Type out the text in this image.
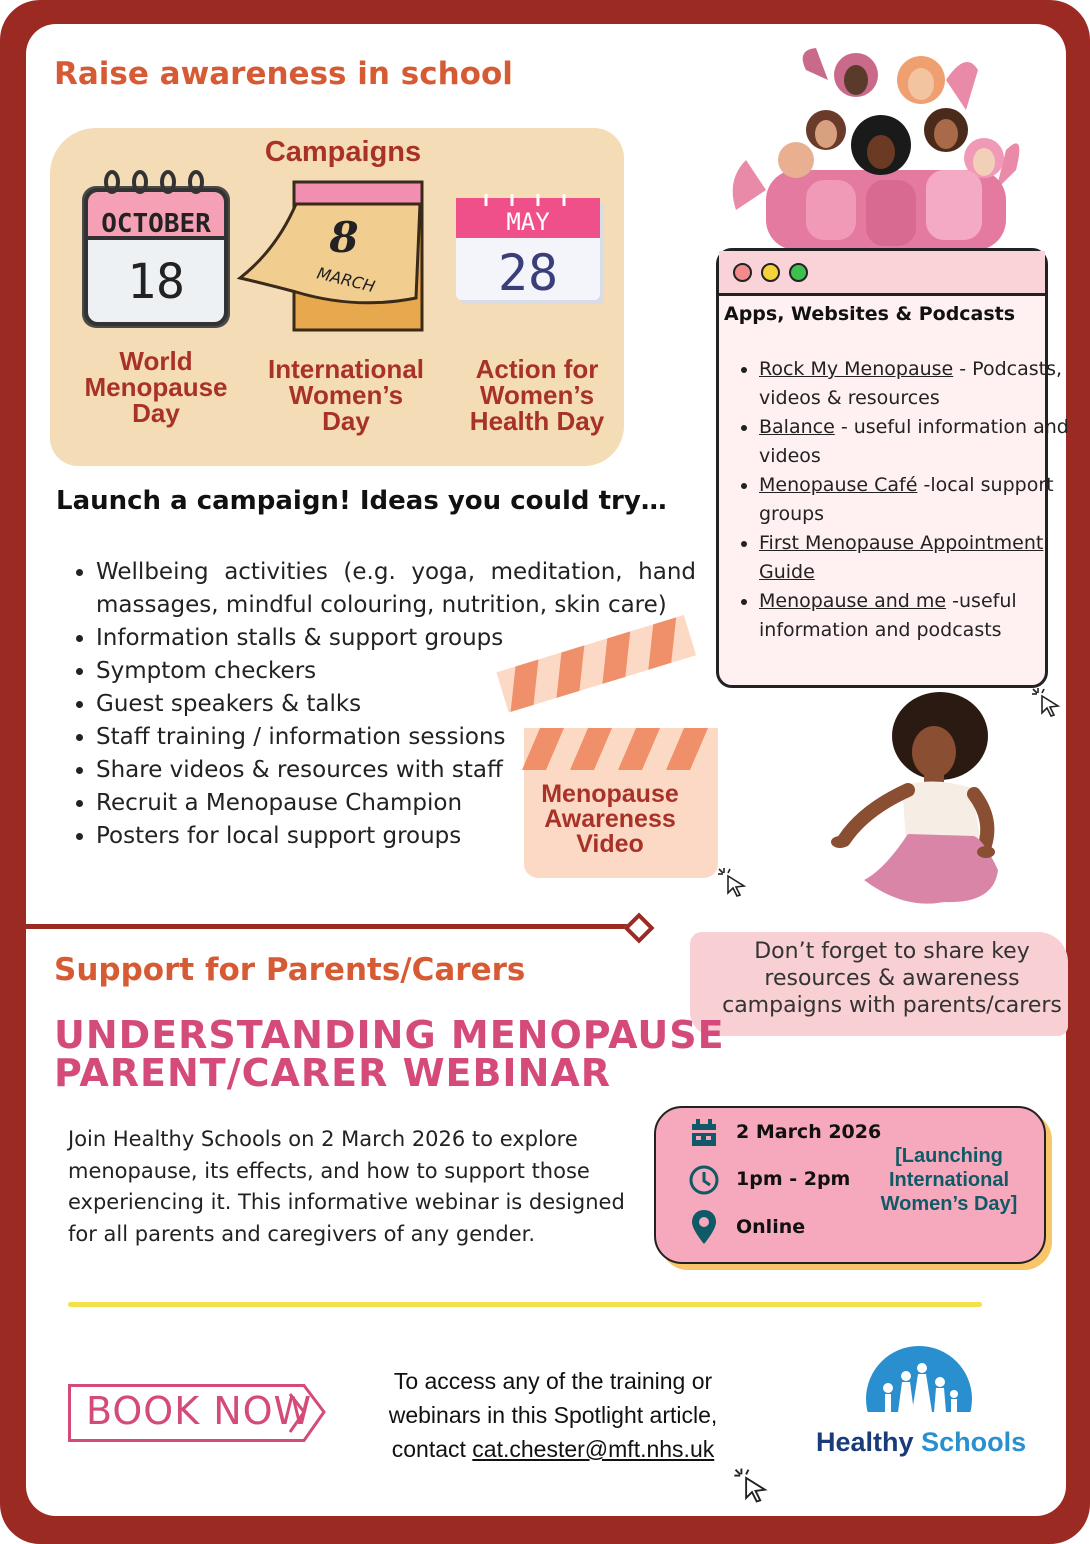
Raise awareness in school
Campaigns
OCTOBER
18
World
Menopause
Day
8
MARCH
International
Women’s
Day
MAY
28
Action for
Women’s
Health Day
Launch a campaign! Ideas you could try…
• Wellbeing activities (e.g. yoga, meditation, hand massages, mindful colouring, nutrition, skin care)
• Information stalls & support groups
• Symptom checkers
• Guest speakers & talks
• Staff training / information sessions
• Share videos & resources with staff
• Recruit a Menopause Champion
• Posters for local support groups
Apps, Websites & Podcasts
• Rock My Menopause - Podcasts, videos & resources
• Balance - useful information and videos
• Menopause Café -local support groups
• First Menopause Appointment Guide
• Menopause and me -useful information and podcasts
Menopause
Awareness
Video
Don’t forget to share key resources & awareness campaigns with parents/carers
Support for Parents/Carers
UNDERSTANDING MENOPAUSE
PARENT/CARER WEBINAR
Join Healthy Schools on 2 March 2026 to explore menopause, its effects, and how to support those experiencing it. This informative webinar is designed for all parents and caregivers of any gender.
2 March 2026
1pm - 2pm
Online
[Launching International Women’s Day]
BOOK NOW
To access any of the training or
webinars in this Spotlight article,
contact cat.chester@mft.nhs.uk	Healthy Schools
